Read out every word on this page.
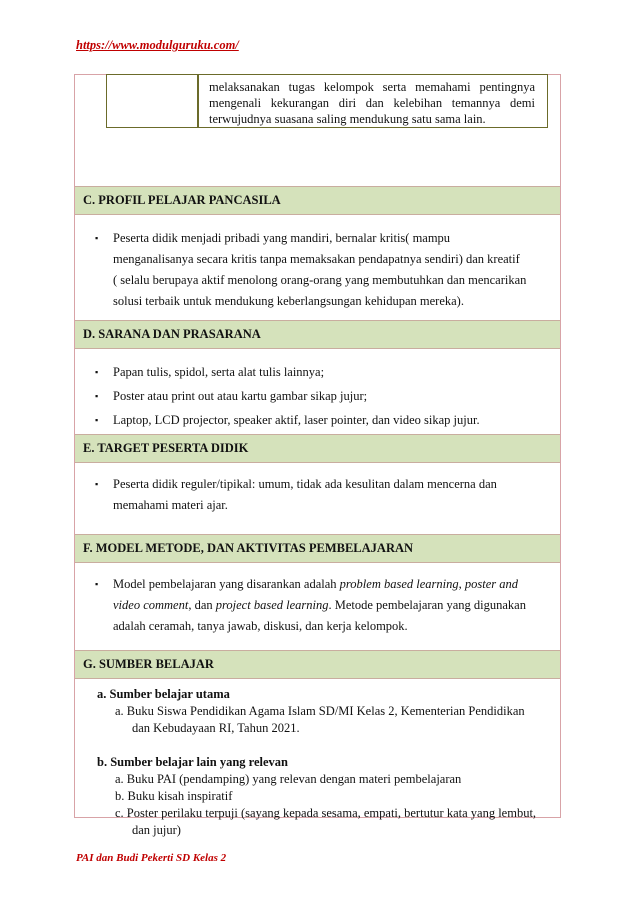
https://www.modulguruku.com/
melaksanakan tugas kelompok serta memahami pentingnya mengenali kekurangan diri dan kelebihan temannya demi terwujudnya suasana saling mendukung satu sama lain.
C. PROFIL PELAJAR PANCASILA
▪ Peserta didik menjadi pribadi yang mandiri, bernalar kritis( mampu
menganalisanya secara kritis tanpa memaksakan pendapatnya sendiri) dan kreatif
( selalu berupaya aktif menolong orang-orang yang membutuhkan dan mencarikan
solusi terbaik untuk mendukung keberlangsungan kehidupan mereka).
D. SARANA DAN PRASARANA
▪ Papan tulis, spidol, serta alat tulis lainnya;
▪ Poster atau print out atau kartu gambar sikap jujur;
▪ Laptop, LCD projector, speaker aktif, laser pointer, dan video sikap jujur.
E. TARGET PESERTA DIDIK
▪ Peserta didik reguler/tipikal: umum, tidak ada kesulitan dalam mencerna dan
memahami materi ajar.
F. MODEL METODE, DAN AKTIVITAS PEMBELAJARAN
▪ Model pembelajaran yang disarankan adalah problem based learning, poster and
video comment, dan project based learning. Metode pembelajaran yang digunakan
adalah ceramah, tanya jawab, diskusi, dan kerja kelompok.
G. SUMBER BELAJAR
a. Sumber belajar utama
a. Buku Siswa Pendidikan Agama Islam SD/MI Kelas 2, Kementerian Pendidikan
dan Kebudayaan RI, Tahun 2021.
b. Sumber belajar lain yang relevan
a. Buku PAI (pendamping) yang relevan dengan materi pembelajaran
b. Buku kisah inspiratif
c. Poster perilaku terpuji (sayang kepada sesama, empati, bertutur kata yang lembut,
dan jujur)
PAI dan Budi Pekerti SD Kelas 2
